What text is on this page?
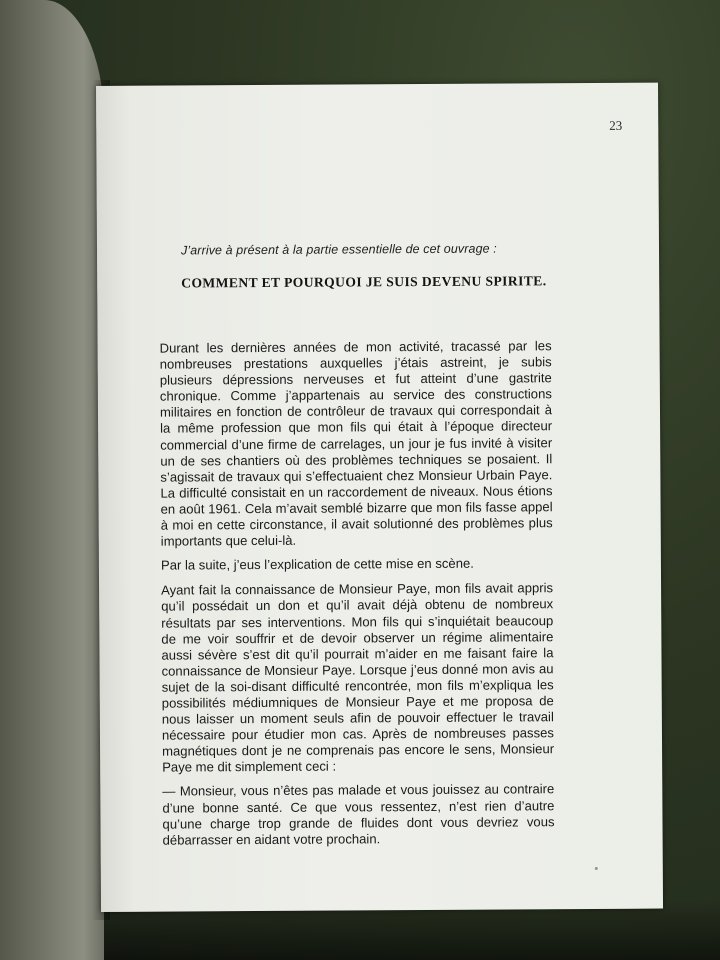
23
J’arrive à présent à la partie essentielle de cet ouvrage :
COMMENT ET POURQUOI JE SUIS DEVENU SPIRITE.

Durant les dernières années de mon activité, tracassé par les nombreuses prestations auxquelles j’étais astreint, je subis plusieurs dépressions nerveuses et fut atteint d’une gastrite chronique. Comme j’appartenais au service des constructions militaires en fonction de contrôleur de travaux qui correspondait à la même profession que mon fils qui était à l’époque directeur commercial d’une firme de carrelages, un jour je fus invité à visiter un de ses chantiers où des problèmes techniques se posaient. Il s’agissait de travaux qui s’effectuaient chez Monsieur Urbain Paye. La difficulté consistait en un raccordement de niveaux. Nous étions en août 1961. Cela m’avait semblé bizarre que mon fils fasse appel à moi en cette circonstance, il avait solutionné des problèmes plus importants que celui-là.

Par la suite, j’eus l’explication de cette mise en scène.

Ayant fait la connaissance de Monsieur Paye, mon fils avait appris qu’il possédait un don et qu’il avait déjà obtenu de nombreux résultats par ses interventions. Mon fils qui s’inquiétait beaucoup de me voir souffrir et de devoir observer un régime alimentaire aussi sévère s’est dit qu’il pourrait m’aider en me faisant faire la connaissance de Monsieur Paye. Lorsque j’eus donné mon avis au sujet de la soi-disant difficulté rencontrée, mon fils m’expliqua les possibilités médiumniques de Monsieur Paye et me proposa de nous laisser un moment seuls afin de pouvoir effectuer le travail nécessaire pour étudier mon cas. Après de nombreuses passes magnétiques dont je ne comprenais pas encore le sens, Monsieur Paye me dit simplement ceci :

— Monsieur, vous n’êtes pas malade et vous jouissez au contraire d’une bonne santé. Ce que vous ressentez, n’est rien d’autre qu’une charge trop grande de fluides dont vous devriez vous débarrasser en aidant votre prochain.
